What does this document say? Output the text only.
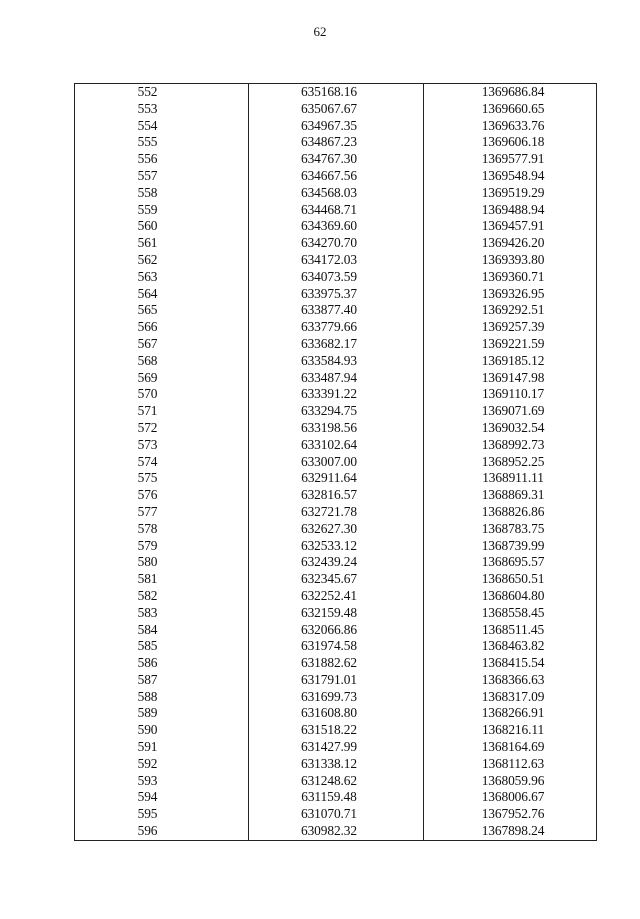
62
552	635168.16	1369686.84
553	635067.67	1369660.65
554	634967.35	1369633.76
555	634867.23	1369606.18
556	634767.30	1369577.91
557	634667.56	1369548.94
558	634568.03	1369519.29
559	634468.71	1369488.94
560	634369.60	1369457.91
561	634270.70	1369426.20
562	634172.03	1369393.80
563	634073.59	1369360.71
564	633975.37	1369326.95
565	633877.40	1369292.51
566	633779.66	1369257.39
567	633682.17	1369221.59
568	633584.93	1369185.12
569	633487.94	1369147.98
570	633391.22	1369110.17
571	633294.75	1369071.69
572	633198.56	1369032.54
573	633102.64	1368992.73
574	633007.00	1368952.25
575	632911.64	1368911.11
576	632816.57	1368869.31
577	632721.78	1368826.86
578	632627.30	1368783.75
579	632533.12	1368739.99
580	632439.24	1368695.57
581	632345.67	1368650.51
582	632252.41	1368604.80
583	632159.48	1368558.45
584	632066.86	1368511.45
585	631974.58	1368463.82
586	631882.62	1368415.54
587	631791.01	1368366.63
588	631699.73	1368317.09
589	631608.80	1368266.91
590	631518.22	1368216.11
591	631427.99	1368164.69
592	631338.12	1368112.63
593	631248.62	1368059.96
594	631159.48	1368006.67
595	631070.71	1367952.76
596	630982.32	1367898.24
